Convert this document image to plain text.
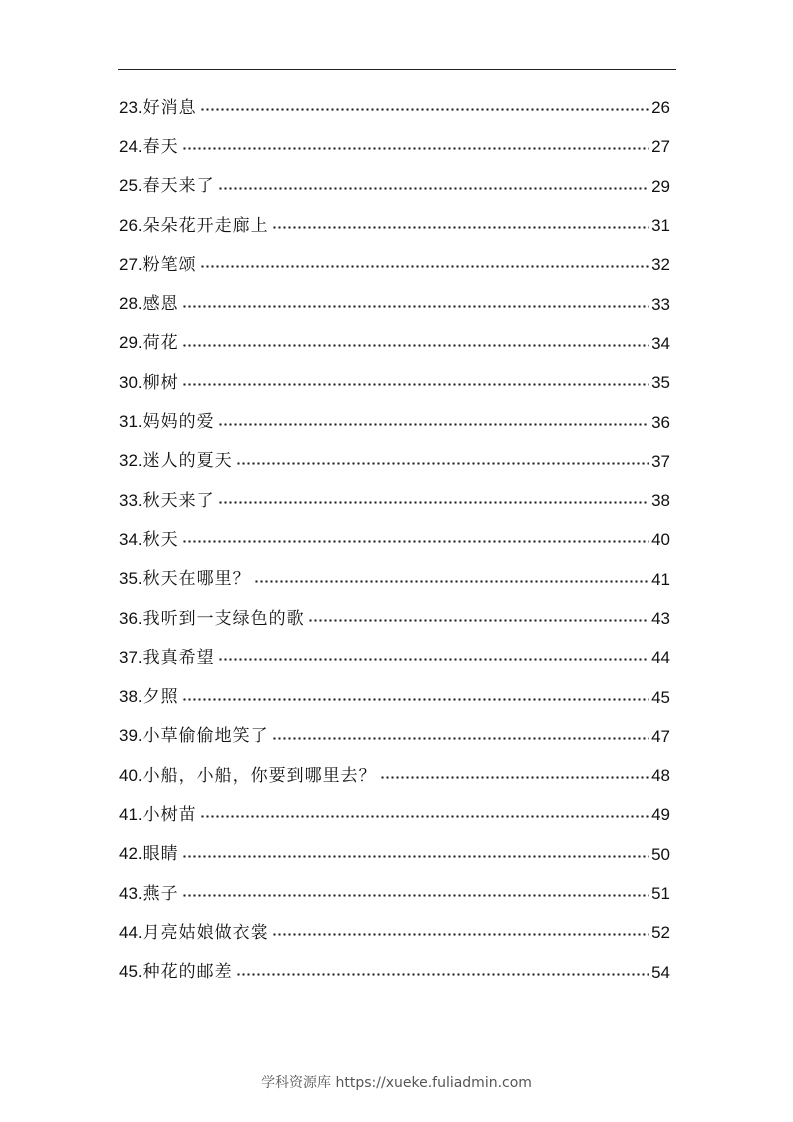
23.好消息	26
24.春天	27
25.春天来了	29
26.朵朵花开走廊上	31
27.粉笔颂	32
28.感恩	33
29.荷花	34
30.柳树	35
31.妈妈的爱	36
32.迷人的夏天	37
33.秋天来了	38
34.秋天	40
35.秋天在哪里？	41
36.我听到一支绿色的歌	43
37.我真希望	44
38.夕照	45
39.小草偷偷地笑了	47
40.小船，小船，你要到哪里去？	48
41.小树苗	49
42.眼睛	50
43.燕子	51
44.月亮姑娘做衣裳	52
45.种花的邮差	54
学科资源库 https://xueke.fuliadmin.com
